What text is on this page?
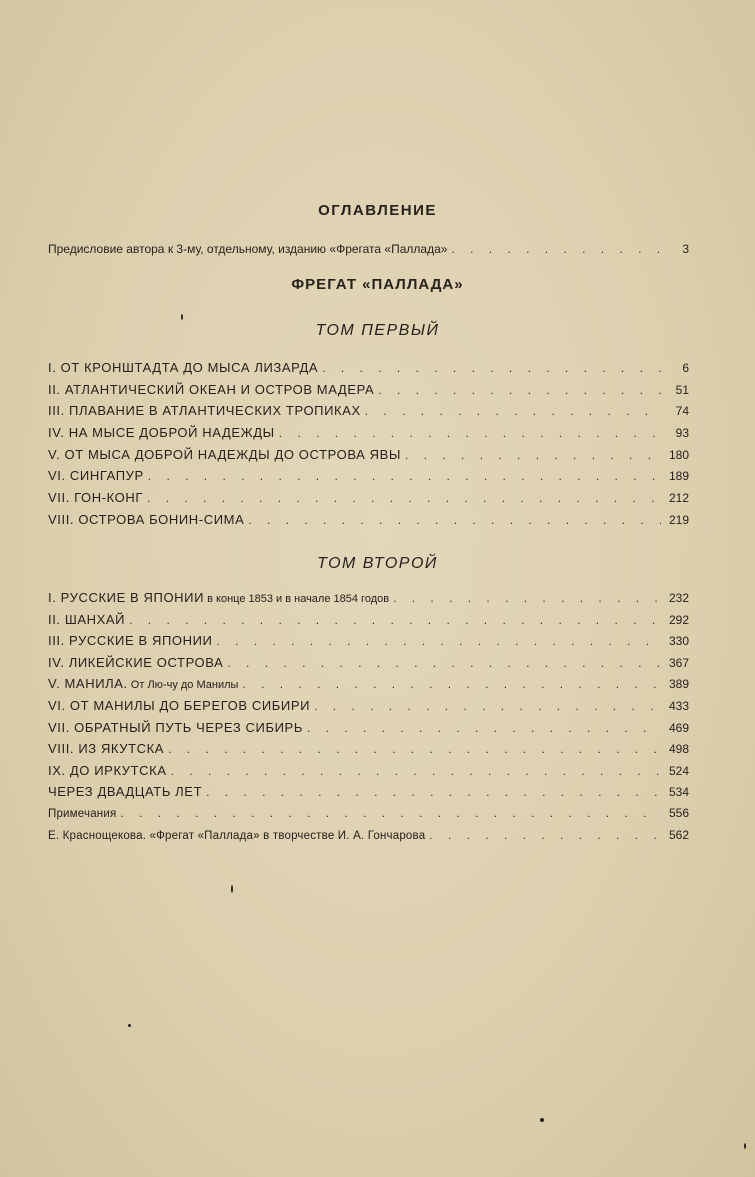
ОГЛАВЛЕНИЕ
Предисловие автора к 3-му, отдельному, изданию «Фрегата «Паллада» . . .	3
ФРЕГАТ «ПАЛЛАДА»
ТОМ ПЕРВЫЙ
I. ОТ КРОНШТАДТА ДО МЫСА ЛИЗАРДА . . .	6
II. АТЛАНТИЧЕСКИЙ ОКЕАН И ОСТРОВ МАДЕРА . . .	51
III. ПЛАВАНИЕ В АТЛАНТИЧЕСКИХ ТРОПИКАХ . . .	74
IV. НА МЫСЕ ДОБРОЙ НАДЕЖДЫ . . .	93
V. ОТ МЫСА ДОБРОЙ НАДЕЖДЫ ДО ОСТРОВА ЯВЫ . . .	180
VI. СИНГАПУР . . .	189
VII. ГОН-КОНГ . . .	212
VIII. ОСТРОВА БОНИН-СИМА . . .	219
ТОМ ВТОРОЙ
I. РУССКИЕ В ЯПОНИИ в конце 1853 и в начале 1854 годов . . .	232
II. ШАНХАЙ . . .	292
III. РУССКИЕ В ЯПОНИИ . . .	330
IV. ЛИКЕЙСКИЕ ОСТРОВА . . .	367
V. МАНИЛА. От Лю-чу до Манилы . . .	389
VI. ОТ МАНИЛЫ ДО БЕРЕГОВ СИБИРИ . . .	433
VII. ОБРАТНЫЙ ПУТЬ ЧЕРЕЗ СИБИРЬ . . .	469
VIII. ИЗ ЯКУТСКА . . .	498
IX. ДО ИРКУТСКА . . .	524
ЧЕРЕЗ ДВАДЦАТЬ ЛЕТ . . .	534
Примечания . . .	556
Е. Краснощекова. «Фрегат «Паллада» в творчестве И. А. Гончарова . . .	562
